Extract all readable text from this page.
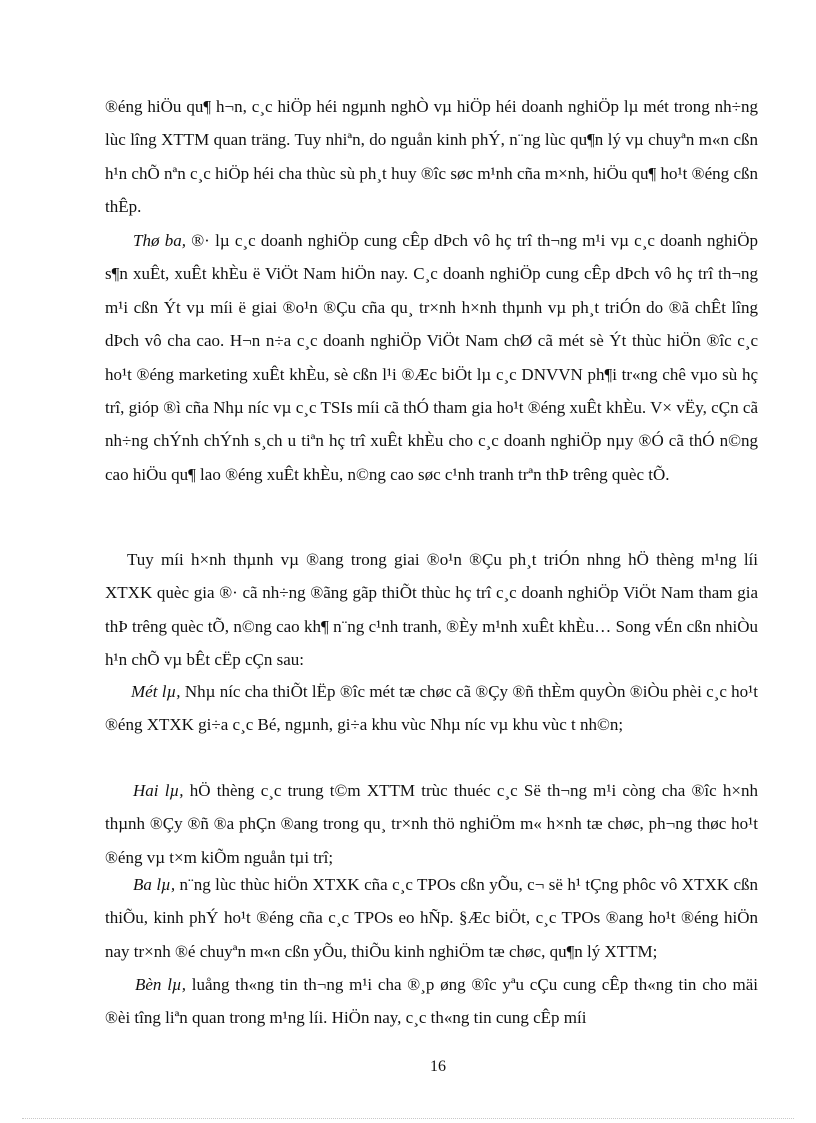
®éng hiÖu qu¶ h¬n, c¸c hiÖp héi ngµnh nghÒ vµ hiÖp héi doanh nghiÖp lµ mét trong nh÷ng lùc lîng XTTM quan träng. Tuy nhiªn, do nguån kinh phÝ, n¨ng lùc qu¶n lý vµ chuyªn m«n cßn h¹n chÕ nªn c¸c hiÖp héi cha thùc sù ph¸t huy ®îc søc m¹nh cña m×nh, hiÖu qu¶ ho¹t ®éng cßn thÊp.

Thø ba, ®· lµ c¸c doanh nghiÖp cung cÊp dÞch vô hç trî th¬ng m¹i vµ c¸c doanh nghiÖp s¶n xuÊt, xuÊt khÈu ë ViÖt Nam hiÖn nay. C¸c doanh nghiÖp cung cÊp dÞch vô hç trî th¬ng m¹i cßn Ýt vµ míi ë giai ®o¹n ®Çu cña qu¸ tr×nh h×nh thµnh vµ ph¸t triÓn do ®ã chÊt lîng dÞch vô cha cao. H¬n n÷a c¸c doanh nghiÖp ViÖt Nam chØ cã mét sè Ýt thùc hiÖn ®îc c¸c ho¹t ®éng marketing xuÊt khÈu, sè cßn l¹i ®Æc biÖt lµ c¸c DNVVN ph¶i tr«ng chê vµo sù hç trî, gióp ®ì cña Nhµ níc vµ c¸c TSIs míi cã thÓ tham gia ho¹t ®éng xuÊt khÈu. V× vËy, cÇn cã nh÷ng chÝnh chÝnh s¸ch u tiªn hç trî xuÊt khÈu cho c¸c doanh nghiÖp nµy ®Ó cã thÓ n©ng cao hiÖu qu¶ lao ®éng xuÊt khÈu, n©ng cao søc c¹nh tranh trªn thÞ trêng quèc tÕ.

Tuy míi h×nh thµnh vµ ®ang trong giai ®o¹n ®Çu ph¸t triÓn nhng hÖ thèng m¹ng líi XTXK quèc gia ®· cã nh÷ng ®ãng gãp thiÕt thùc hç trî c¸c doanh nghiÖp ViÖt Nam tham gia thÞ trêng quèc tÕ, n©ng cao kh¶ n¨ng c¹nh tranh, ®Èy m¹nh xuÊt khÈu… Song vÉn cßn nhiÒu h¹n chÕ vµ bÊt cËp cÇn sau:

Mét lµ, Nhµ níc cha thiÕt lËp ®îc mét tæ chøc cã ®Çy ®ñ thÈm quyÒn ®iÒu phèi c¸c ho¹t ®éng XTXK gi÷a c¸c Bé, ngµnh, gi÷a khu vùc Nhµ níc vµ khu vùc t nh©n;

Hai lµ, hÖ thèng c¸c trung t©m XTTM trùc thuéc c¸c Së th¬ng m¹i còng cha ®îc h×nh thµnh ®Çy ®ñ ®a phÇn ®ang trong qu¸ tr×nh thö nghiÖm m« h×nh tæ chøc, ph¬ng thøc ho¹t ®éng vµ t×m kiÕm nguån tµi trî;

Ba lµ, n¨ng lùc thùc hiÖn XTXK cña c¸c TPOs cßn yÕu, c¬ së h¹ tÇng phôc vô XTXK cßn thiÕu, kinh phÝ ho¹t ®éng cña c¸c TPOs eo hÑp. §Æc biÖt, c¸c TPOs ®ang ho¹t ®éng hiÖn nay tr×nh ®é chuyªn m«n cßn yÕu, thiÕu kinh nghiÖm tæ chøc, qu¶n lý XTTM;

Bèn lµ, luång th«ng tin th¬ng m¹i cha ®¸p øng ®îc yªu cÇu cung cÊp th«ng tin cho mäi ®èi tîng liªn quan trong m¹ng líi. HiÖn nay, c¸c th«ng tin cung cÊp míi

16
